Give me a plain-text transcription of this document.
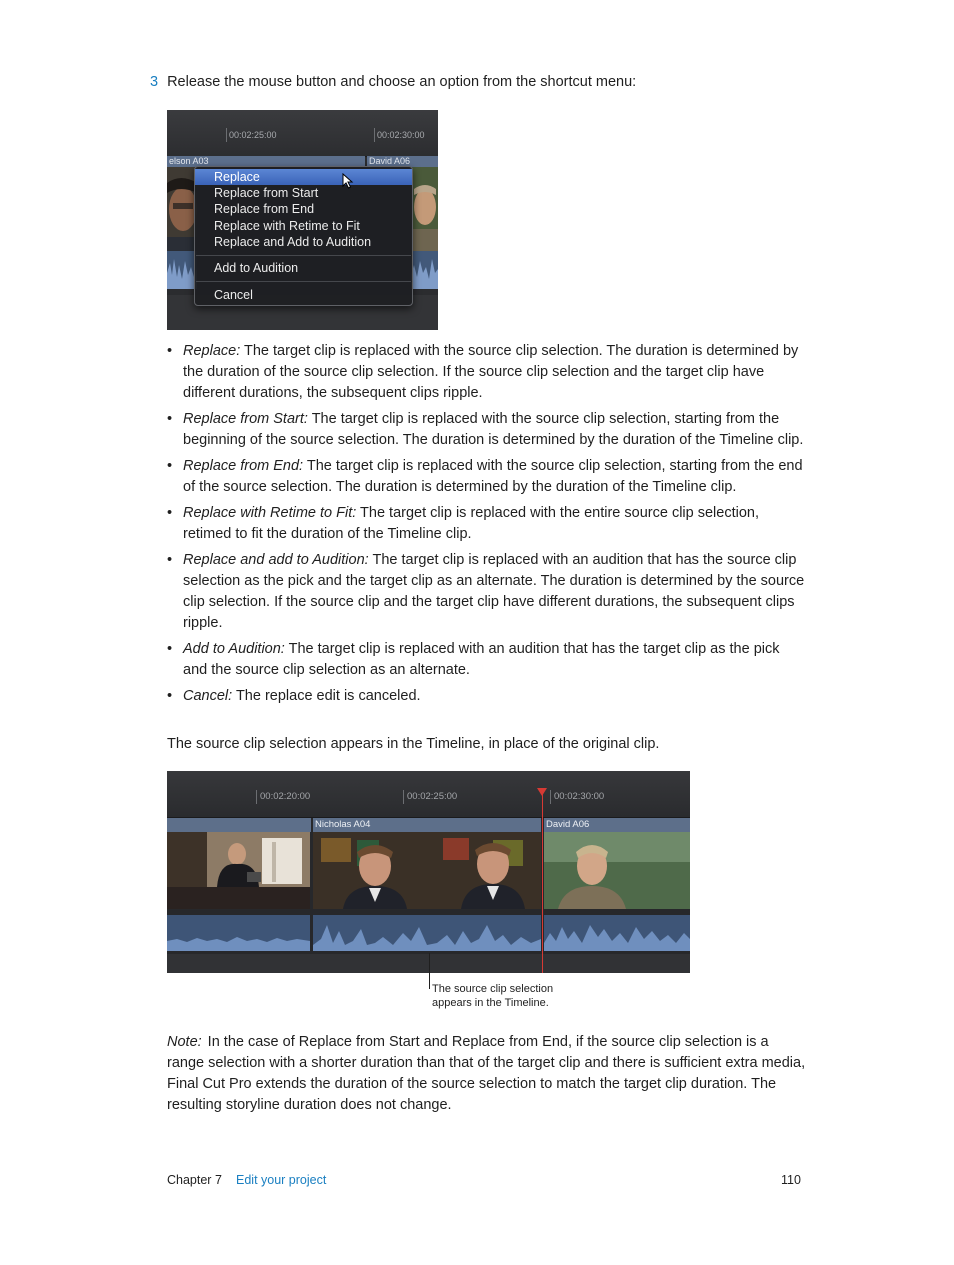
3 Release the mouse button and choose an option from the shortcut menu:
00:02:25:00	00:02:30:00
elson A03	David A06
Replace
Replace from Start
Replace from End
Replace with Retime to Fit
Replace and Add to Audition
Add to Audition
Cancel
• Replace: The target clip is replaced with the source clip selection. The duration is determined by the duration of the source clip selection. If the source clip selection and the target clip have different durations, the subsequent clips ripple.
• Replace from Start: The target clip is replaced with the source clip selection, starting from the beginning of the source selection. The duration is determined by the duration of the Timeline clip.
• Replace from End: The target clip is replaced with the source clip selection, starting from the end of the source selection. The duration is determined by the duration of the Timeline clip.
• Replace with Retime to Fit: The target clip is replaced with the entire source clip selection, retimed to fit the duration of the Timeline clip.
• Replace and add to Audition: The target clip is replaced with an audition that has the source clip selection as the pick and the target clip as an alternate. The duration is determined by the source clip selection. If the source clip and the target clip have different durations, the subsequent clips ripple.
• Add to Audition: The target clip is replaced with an audition that has the target clip as the pick and the source clip selection as an alternate.
• Cancel: The replace edit is canceled.
The source clip selection appears in the Timeline, in place of the original clip.
00:02:20:00	00:02:25:00	00:02:30:00
Nicholas A04	David A06
The source clip selection
appears in the Timeline.
Note: In the case of Replace from Start and Replace from End, if the source clip selection is a range selection with a shorter duration than that of the target clip and there is sufficient extra media, Final Cut Pro extends the duration of the source selection to match the target clip duration. The resulting storyline duration does not change.
Chapter 7 Edit your project	110
